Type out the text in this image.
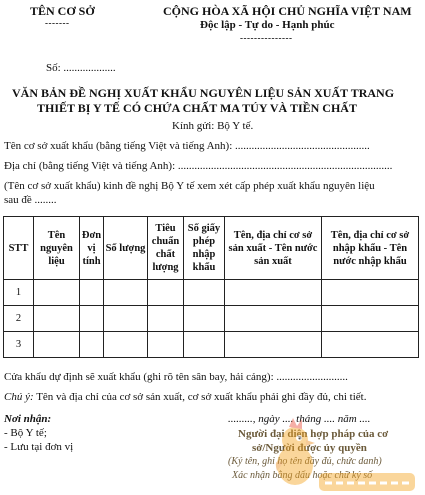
TÊN CƠ SỞ
-------
CỘNG HÒA XÃ HỘI CHỦ NGHĨA VIỆT NAM
Độc lập - Tự do - Hạnh phúc
---------------
Số: ...................
VĂN BẢN ĐỀ NGHỊ XUẤT KHẨU NGUYÊN LIỆU SẢN XUẤT TRANG
THIẾT BỊ Y TẾ CÓ CHỨA CHẤT MA TÚY VÀ TIỀN CHẤT
Kính gửi: Bộ Y tế.
Tên cơ sở xuất khẩu (bằng tiếng Việt và tiếng Anh): .................................................
Địa chỉ (bằng tiếng Việt và tiếng Anh): ..............................................................................
(Tên cơ sở xuất khẩu) kinh đề nghị Bộ Y tế xem xét cấp phép xuất khẩu nguyên liệu
sau đề ........
STT	Tên nguyên liệu	Đơn vị tính	Số lượng	Tiêu chuẩn chất lượng	Số giấy phép nhập khẩu	Tên, địa chỉ cơ sở sản xuất - Tên nước sản xuất	Tên, địa chỉ cơ sở nhập khẩu - Tên nước nhập khẩu
1							
2							
3							
Cửa khẩu dự định sẽ xuất khẩu (ghi rõ tên sân bay, hải cảng): ..........................
Chú ý: Tên và địa chỉ của cơ sở sản xuất, cơ sở xuất khẩu phải ghi đầy đủ, chi tiết.
Nơi nhận:
- Bộ Y tế;
- Lưu tại đơn vị
........., ngày .... tháng .... năm ....
Người đại diện hợp pháp của cơ
sở/Người được ủy quyền
(Ký tên, ghi họ tên đầy đủ, chức danh)
Xác nhận bằng dấu hoặc chữ ký số
